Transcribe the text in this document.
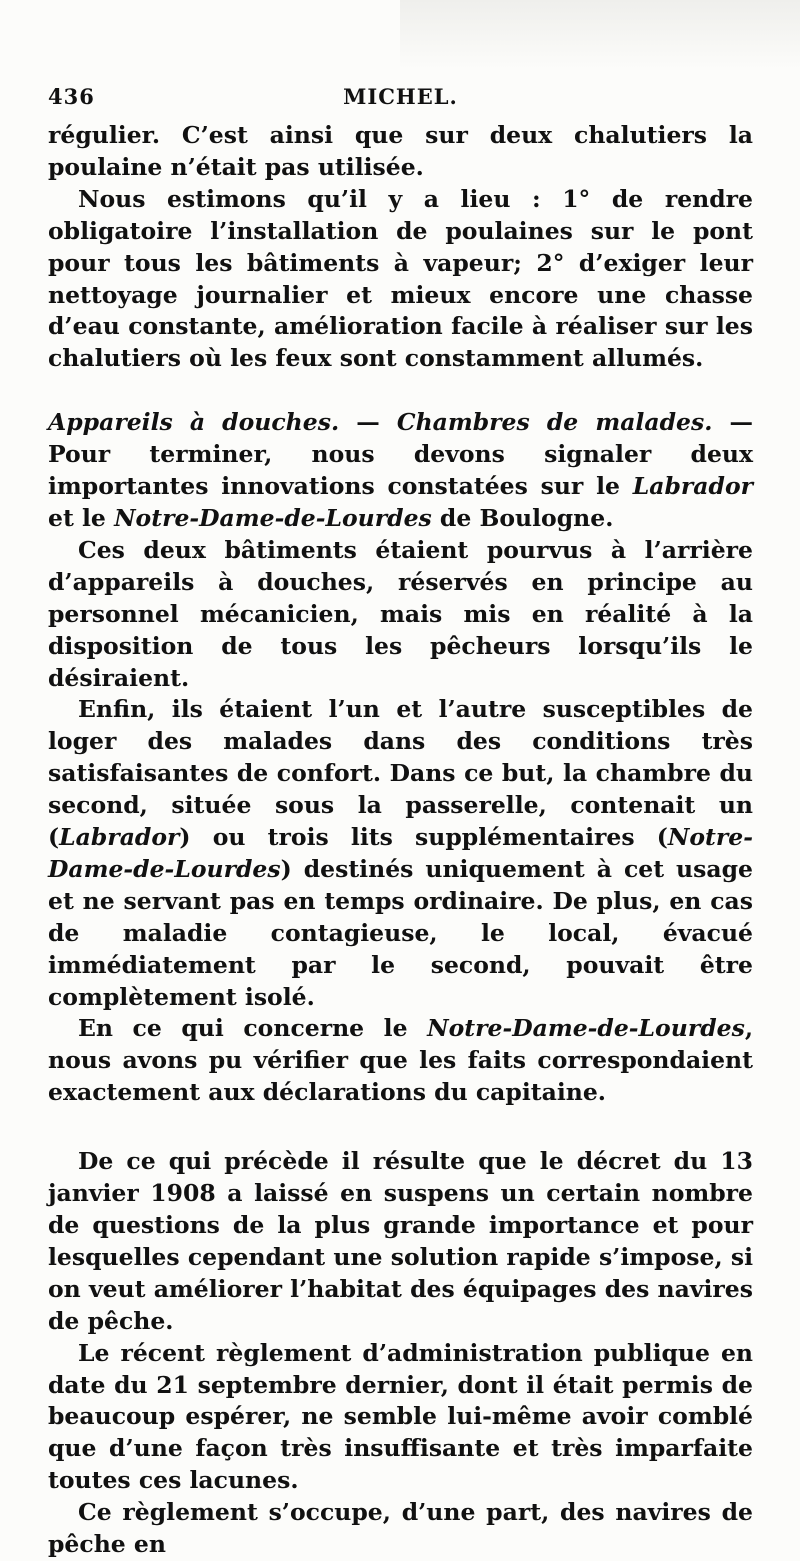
436	MICHEL.

régulier. C’est ainsi que sur deux chalutiers la poulaine n’était pas utilisée.

Nous estimons qu’il y a lieu : 1° de rendre obligatoire l’installation de poulaines sur le pont pour tous les bâtiments à vapeur; 2° d’exiger leur nettoyage journalier et mieux encore une chasse d’eau constante, amélioration facile à réaliser sur les chalutiers où les feux sont constamment allumés.

Appareils à douches. — Chambres de malades. — Pour terminer, nous devons signaler deux importantes innovations constatées sur le Labrador et le Notre-Dame-de-Lourdes de Boulogne.

Ces deux bâtiments étaient pourvus à l’arrière d’appareils à douches, réservés en principe au personnel mécanicien, mais mis en réalité à la disposition de tous les pêcheurs lorsqu’ils le désiraient.

Enfin, ils étaient l’un et l’autre susceptibles de loger des malades dans des conditions très satisfaisantes de confort. Dans ce but, la chambre du second, située sous la passerelle, contenait un (Labrador) ou trois lits supplémentaires (Notre-Dame-de-Lourdes) destinés uniquement à cet usage et ne servant pas en temps ordinaire. De plus, en cas de maladie contagieuse, le local, évacué immédiatement par le second, pouvait être complètement isolé.

En ce qui concerne le Notre-Dame-de-Lourdes, nous avons pu vérifier que les faits correspondaient exactement aux déclarations du capitaine.

De ce qui précède il résulte que le décret du 13 janvier 1908 a laissé en suspens un certain nombre de questions de la plus grande importance et pour lesquelles cependant une solution rapide s’impose, si on veut améliorer l’habitat des équipages des navires de pêche.

Le récent règlement d’administration publique en date du 21 septembre dernier, dont il était permis de beaucoup espérer, ne semble lui-même avoir comblé que d’une façon très insuffisante et très imparfaite toutes ces lacunes.

Ce règlement s’occupe, d’une part, des navires de pêche en
